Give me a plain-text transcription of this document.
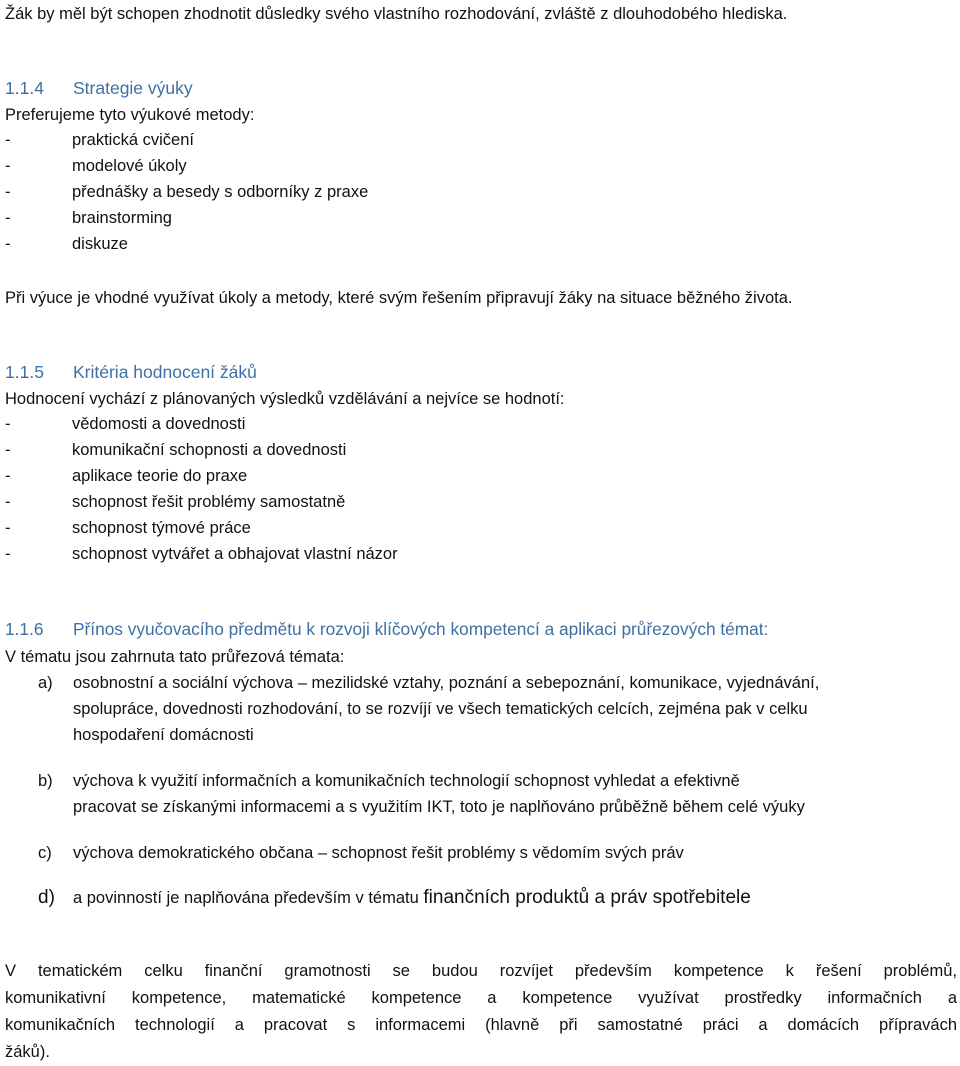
Žák by měl být schopen zhodnotit důsledky svého vlastního rozhodování, zvláště z dlouhodobého hlediska.
1.1.4 Strategie výuky
Preferujeme tyto výukové metody:
-	praktická cvičení
-	modelové úkoly
-	přednášky a besedy s odborníky z praxe
-	brainstorming
-	diskuze
Při výuce je vhodné využívat úkoly a metody, které svým řešením připravují žáky na situace běžného života.
1.1.5 Kritéria hodnocení žáků
Hodnocení vychází z plánovaných výsledků vzdělávání a nejvíce se hodnotí:
-	vědomosti a dovednosti
-	komunikační schopnosti a dovednosti
-	aplikace teorie do praxe
-	schopnost řešit problémy samostatně
-	schopnost týmové práce
-	schopnost vytvářet a obhajovat vlastní názor
1.1.6 Přínos vyučovacího předmětu k rozvoji klíčových kompetencí a aplikaci průřezových témat:
V tématu jsou zahrnuta tato průřezová témata:
a) osobnostní a sociální výchova – mezilidské vztahy, poznání a sebepoznání, komunikace, vyjednávání,
spolupráce, dovednosti rozhodování, to se rozvíjí ve všech tematických celcích, zejména pak v celku
hospodaření domácnosti
b) výchova k využití informačních a komunikačních technologií schopnost vyhledat a efektivně
pracovat se získanými informacemi a s využitím IKT, toto je naplňováno průběžně během celé výuky
c) výchova demokratického občana – schopnost řešit problémy s vědomím svých práv
d) a povinností je naplňována především v tématu finančních produktů a práv spotřebitele
V tematickém celku finanční gramotnosti se budou rozvíjet především kompetence k řešení problémů,
komunikativní kompetence, matematické kompetence a kompetence využívat prostředky informačních a
komunikačních technologií a pracovat s informacemi (hlavně při samostatné práci a domácích přípravách
žáků).
